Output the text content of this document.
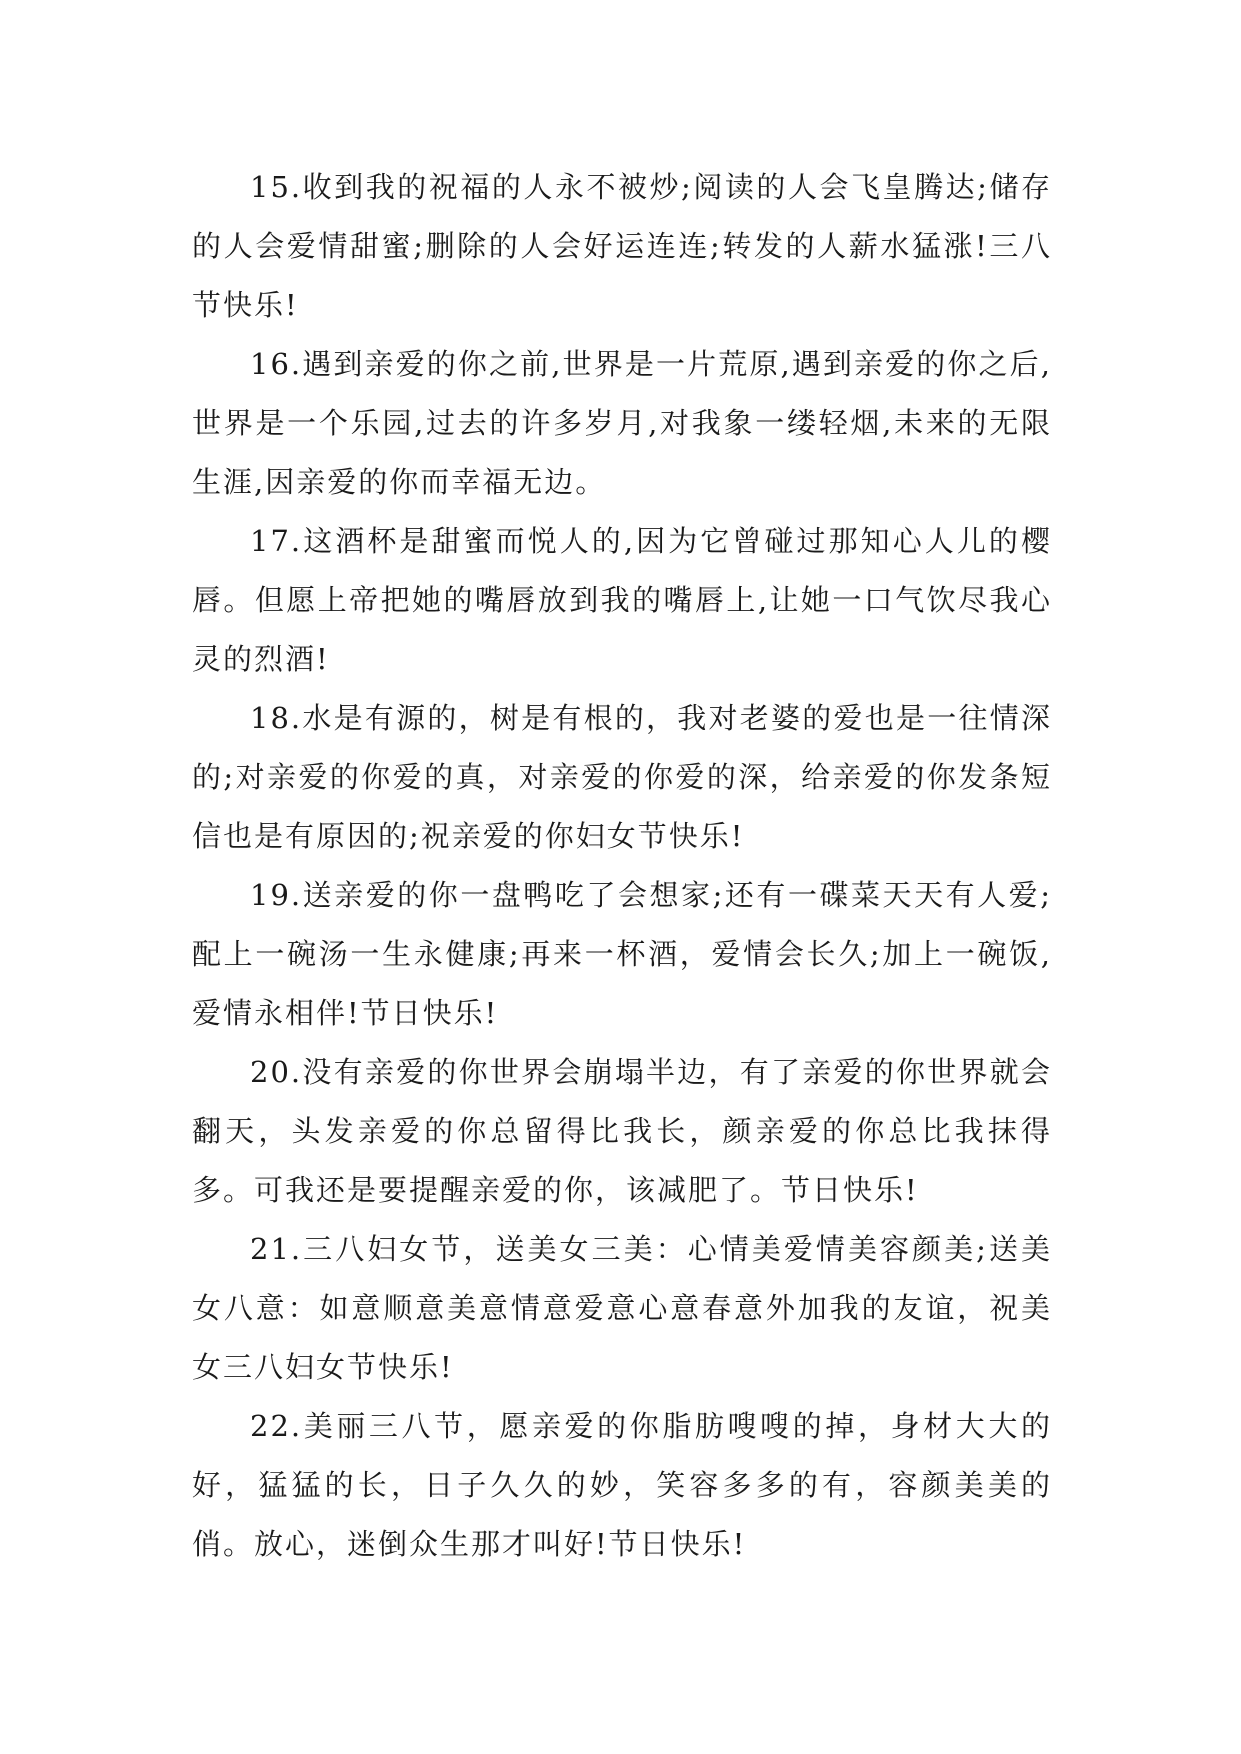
15.收到我的祝福的人永不被炒;阅读的人会飞皇腾达;储存的人会爱情甜蜜;删除的人会好运连连;转发的人薪水猛涨!三八节快乐!

16.遇到亲爱的你之前,世界是一片荒原,遇到亲爱的你之后,世界是一个乐园,过去的许多岁月,对我象一缕轻烟,未来的无限生涯,因亲爱的你而幸福无边。

17.这酒杯是甜蜜而悦人的,因为它曾碰过那知心人儿的樱唇。但愿上帝把她的嘴唇放到我的嘴唇上,让她一口气饮尽我心灵的烈酒!

18.水是有源的，树是有根的，我对老婆的爱也是一往情深的;对亲爱的你爱的真，对亲爱的你爱的深，给亲爱的你发条短信也是有原因的;祝亲爱的你妇女节快乐!

19.送亲爱的你一盘鸭吃了会想家;还有一碟菜天天有人爱;配上一碗汤一生永健康;再来一杯酒，爱情会长久;加上一碗饭,爱情永相伴!节日快乐!

20.没有亲爱的你世界会崩塌半边，有了亲爱的你世界就会翻天，头发亲爱的你总留得比我长，颜亲爱的你总比我抹得多。可我还是要提醒亲爱的你，该减肥了。节日快乐!

21.三八妇女节，送美女三美：心情美爱情美容颜美;送美女八意：如意顺意美意情意爱意心意春意外加我的友谊，祝美女三八妇女节快乐!

22.美丽三八节，愿亲爱的你脂肪嗖嗖的掉，身材大大的好，猛猛的长，日子久久的妙，笑容多多的有，容颜美美的俏。放心，迷倒众生那才叫好!节日快乐!
